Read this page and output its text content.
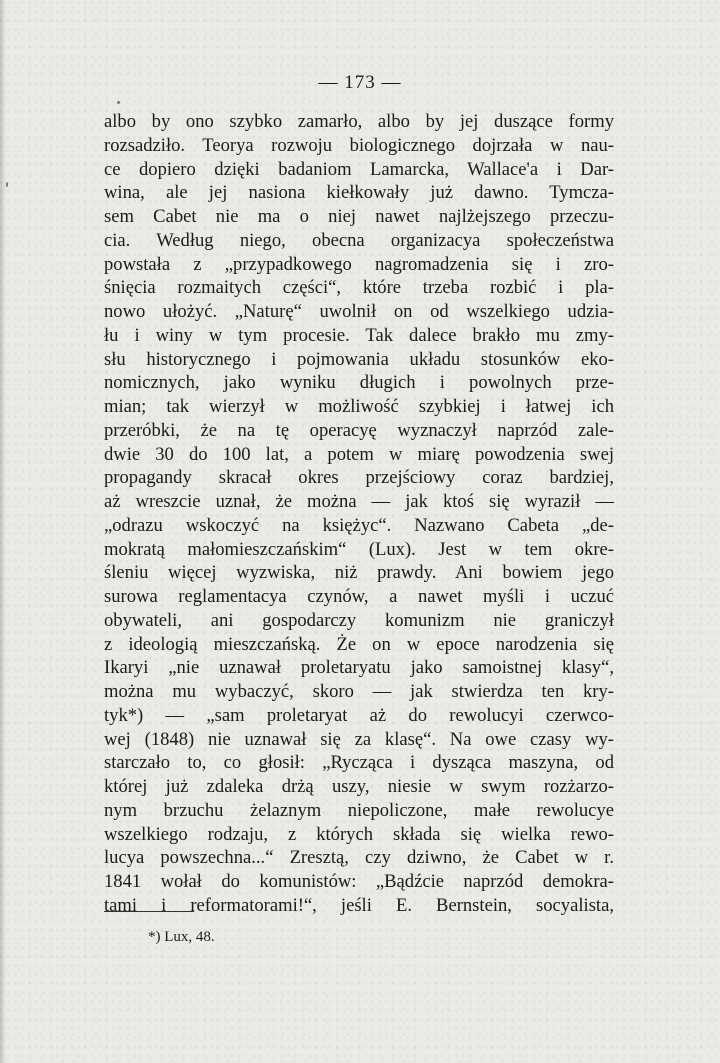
— 173 —
albo by ono szybko zamarło, albo by jej duszące formy
rozsadziło. Teorya rozwoju biologicznego dojrzała w nau-
ce dopiero dzięki badaniom Lamarcka, Wallace'a i Dar-
wina, ale jej nasiona kiełkowały już dawno. Tymcza-
sem Cabet nie ma o niej nawet najlżejszego przeczu-
cia. Według niego, obecna organizacya społeczeństwa
powstała z „przypadkowego nagromadzenia się i zro-
śnięcia rozmaitych części“, które trzeba rozbić i pla-
nowo ułożyć. „Naturę“ uwolnił on od wszelkiego udzia-
łu i winy w tym procesie. Tak dalece brakło mu zmy-
słu historycznego i pojmowania układu stosunków eko-
nomicznych, jako wyniku długich i powolnych prze-
mian; tak wierzył w możliwość szybkiej i łatwej ich
przeróbki, że na tę operacyę wyznaczył naprzód zale-
dwie 30 do 100 lat, a potem w miarę powodzenia swej
propagandy skracał okres przejściowy coraz bardziej,
aż wreszcie uznał, że można — jak ktoś się wyraził —
„odrazu wskoczyć na księżyc“. Nazwano Cabeta „de-
mokratą małomieszczańskim“ (Lux). Jest w tem okre-
śleniu więcej wyzwiska, niż prawdy. Ani bowiem jego
surowa reglamentacya czynów, a nawet myśli i uczuć
obywateli, ani gospodarczy komunizm nie graniczył
z ideologią mieszczańską. Że on w epoce narodzenia się
Ikaryi „nie uznawał proletaryatu jako samoistnej klasy“,
można mu wybaczyć, skoro — jak stwierdza ten kry-
tyk*) — „sam proletaryat aż do rewolucyi czerwco-
wej (1848) nie uznawał się za klasę“. Na owe czasy wy-
starczało to, co głosił: „Rycząca i dysząca maszyna, od
której już zdaleka drżą uszy, niesie w swym rozżarzo-
nym brzuchu żelaznym niepoliczone, małe rewolucye
wszelkiego rodzaju, z których składa się wielka rewo-
lucya powszechna...“ Zresztą, czy dziwno, że Cabet w r.
1841 wołał do komunistów: „Bądźcie naprzód demokra-
tami i reformatorami!“, jeśli E. Bernstein, socyalista,
*) Lux, 48.
